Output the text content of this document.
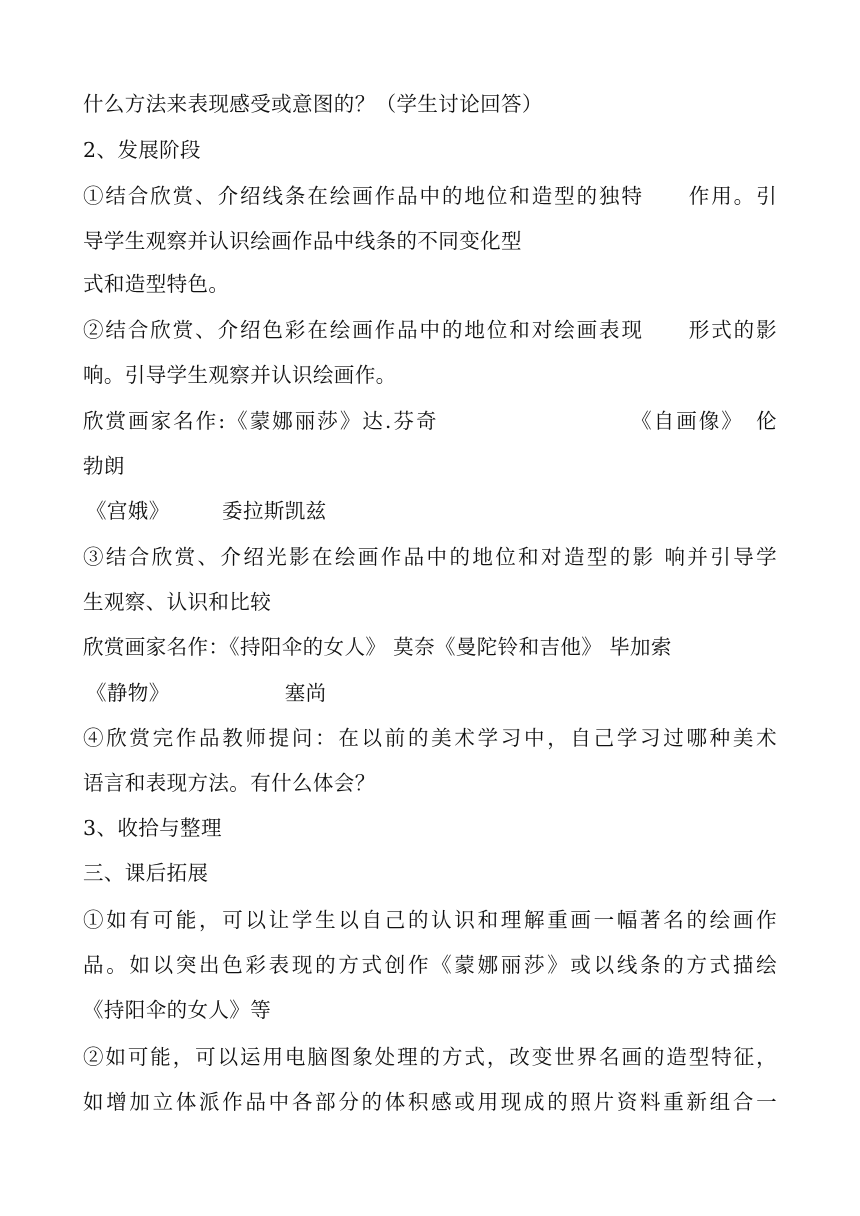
什么方法来表现感受或意图的？（学生讨论回答）
2、发展阶段
①结合欣赏、介绍线条在绘画作品中的地位和造型的独特　　作用。引
导学生观察并认识绘画作品中线条的不同变化型
式和造型特色。
②结合欣赏、介绍色彩在绘画作品中的地位和对绘画表现　　形式的影
响。引导学生观察并认识绘画作。
欣赏画家名作:《蒙娜丽莎》达.芬奇　　　　　　　　　《自画像》　伦
勃朗
《宫娥》　　　委拉斯凯兹
③结合欣赏、介绍光影在绘画作品中的地位和对造型的影 响并引导学
生观察、认识和比较
欣赏画家名作：《持阳伞的女人》 莫奈《曼陀铃和吉他》 毕加索
《静物》　　　　　　塞尚
④欣赏完作品教师提问：在以前的美术学习中，自己学习过哪种美术
语言和表现方法。有什么体会？
3、收拾与整理
三、课后拓展
①如有可能，可以让学生以自己的认识和理解重画一幅著名的绘画作
品。如以突出色彩表现的方式创作《蒙娜丽莎》或以线条的方式描绘
《持阳伞的女人》等
②如可能，可以运用电脑图象处理的方式，改变世界名画的造型特征，
如增加立体派作品中各部分的体积感或用现成的照片资料重新组合一
